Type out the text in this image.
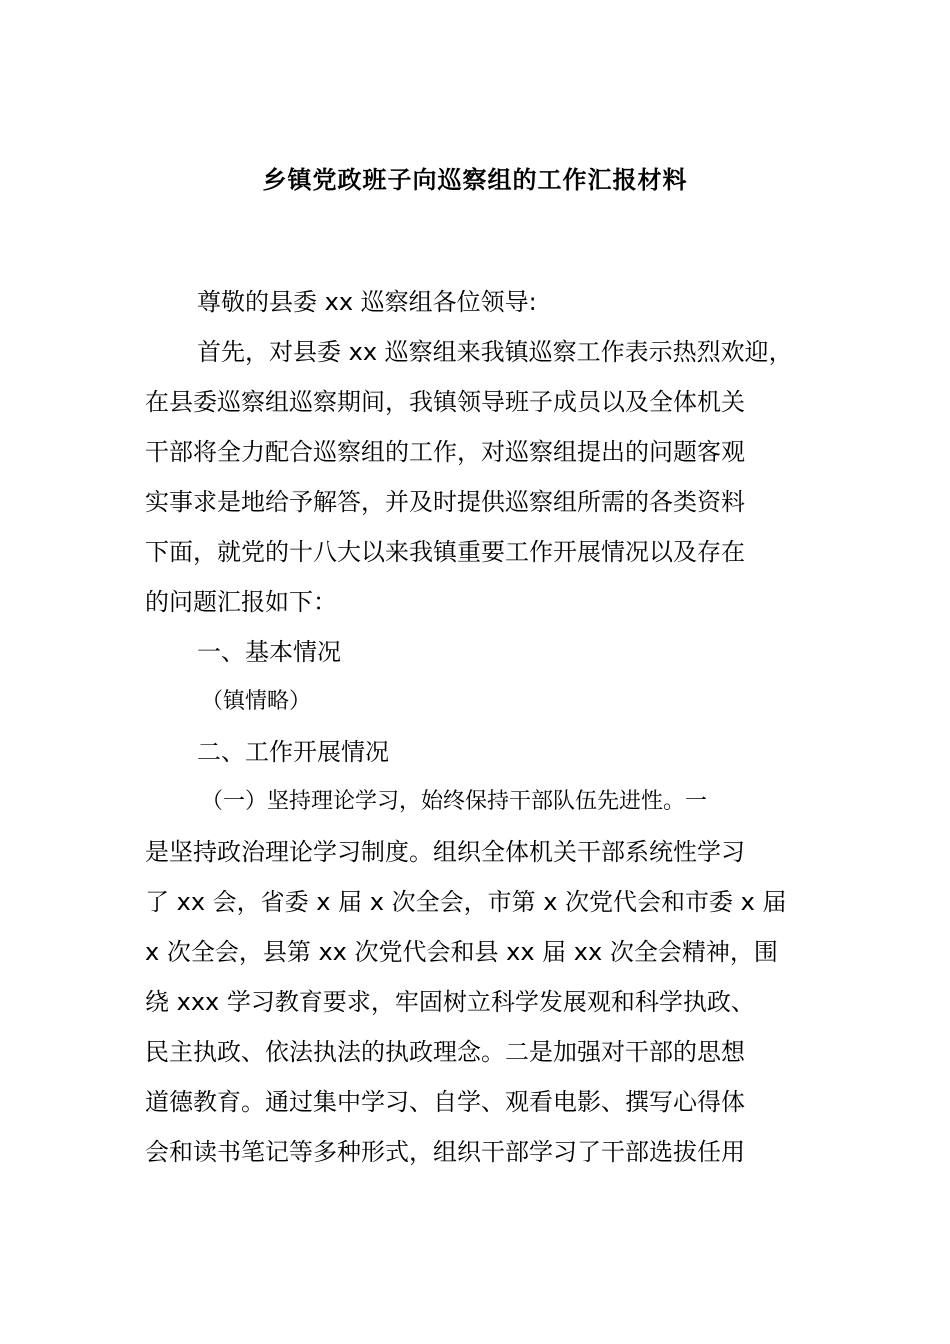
乡镇党政班子向巡察组的工作汇报材料
尊敬的县委 xx 巡察组各位领导:
首先，对县委 xx 巡察组来我镇巡察工作表示热烈欢迎，
在县委巡察组巡察期间，我镇领导班子成员以及全体机关
干部将全力配合巡察组的工作，对巡察组提出的问题客观
实事求是地给予解答，并及时提供巡察组所需的各类资料
下面，就党的十八大以来我镇重要工作开展情况以及存在
的问题汇报如下：
一、基本情况
（镇情略）
二、工作开展情况
（一）坚持理论学习，始终保持干部队伍先进性。一
是坚持政治理论学习制度。组织全体机关干部系统性学习
了 xx 会，省委 x 届 x 次全会，市第 x 次党代会和市委 x 届
x 次全会，县第 xx 次党代会和县 xx 届 xx 次全会精神，围
绕 xxx 学习教育要求，牢固树立科学发展观和科学执政、
民主执政、依法执法的执政理念。二是加强对干部的思想
道德教育。通过集中学习、自学、观看电影、撰写心得体
会和读书笔记等多种形式，组织干部学习了干部选拔任用
